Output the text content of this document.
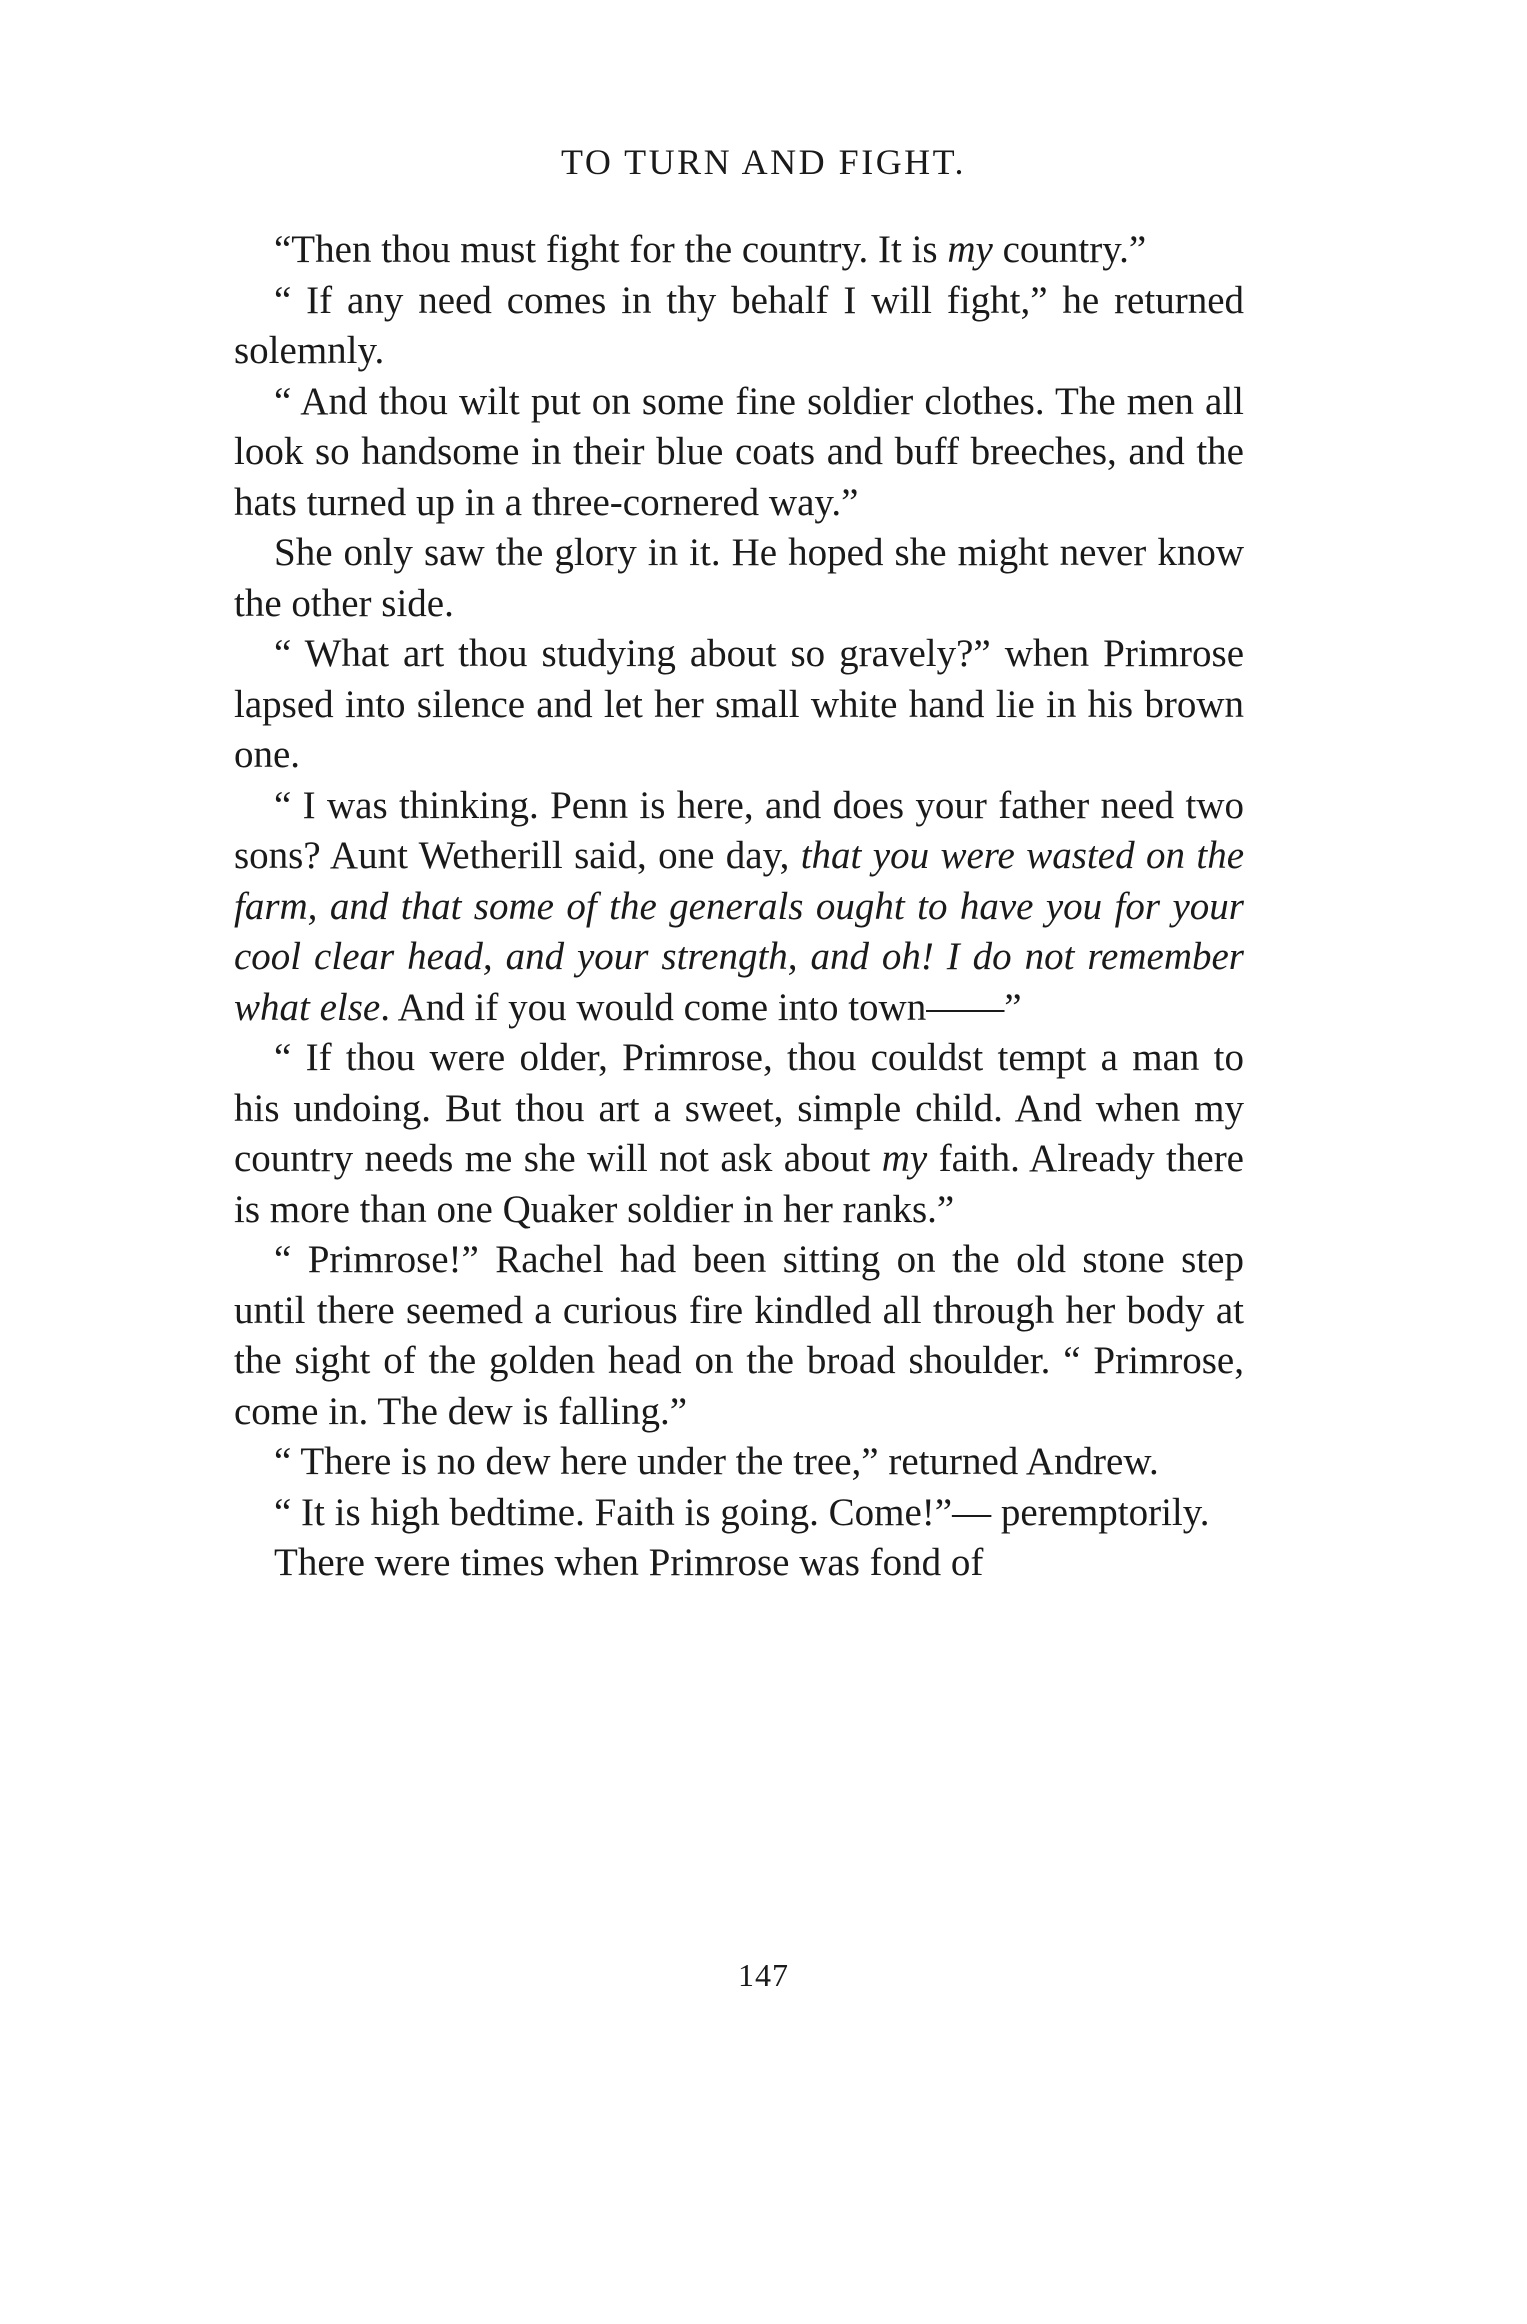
TO TURN AND FIGHT.

“Then thou must fight for the country. It is my country.”

“ If any need comes in thy behalf I will fight,” he returned solemnly.

“ And thou wilt put on some fine soldier clothes. The men all look so handsome in their blue coats and buff breeches, and the hats turned up in a three-cornered way.”

She only saw the glory in it. He hoped she might never know the other side.

“ What art thou studying about so gravely?” when Primrose lapsed into silence and let her small white hand lie in his brown one.

“ I was thinking. Penn is here, and does your father need two sons? Aunt Wetherill said, one day, that you were wasted on the farm, and that some of the generals ought to have you for your cool clear head, and your strength, and oh! I do not remember what else. And if you would come into town——”

“ If thou were older, Primrose, thou couldst tempt a man to his undoing. But thou art a sweet, simple child. And when my country needs me she will not ask about my faith. Already there is more than one Quaker soldier in her ranks.”

“ Primrose!” Rachel had been sitting on the old stone step until there seemed a curious fire kindled all through her body at the sight of the golden head on the broad shoulder. “ Primrose, come in. The dew is falling.”

“ There is no dew here under the tree,” returned Andrew.

“ It is high bedtime. Faith is going. Come!”— peremptorily.

There were times when Primrose was fond of

147
